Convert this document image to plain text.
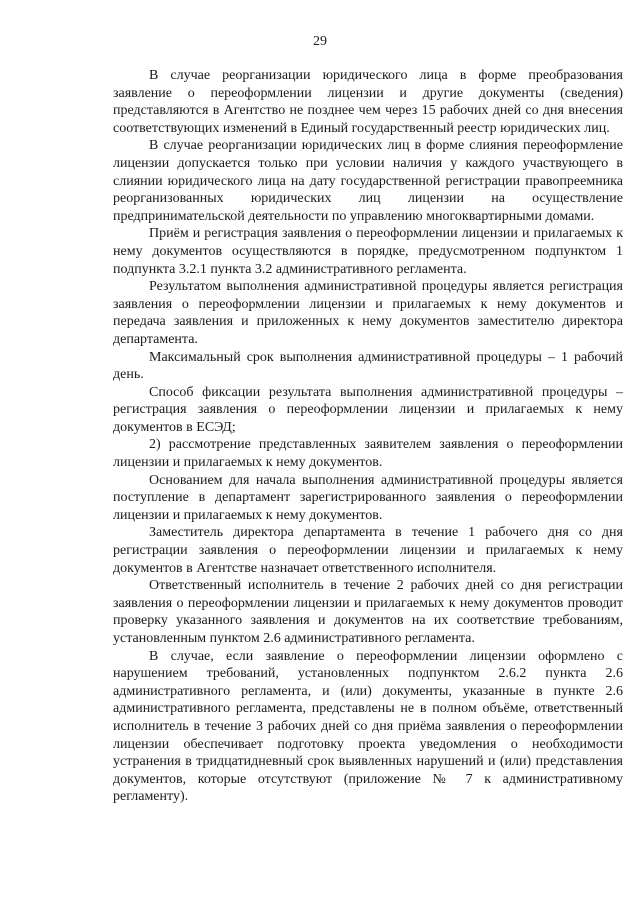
29

В случае реорганизации юридического лица в форме преобразования заявление о переоформлении лицензии и другие документы (сведения) представляются в Агентство не позднее чем через 15 рабочих дней со дня внесения соответствующих изменений в Единый государственный реестр юридических лиц.

В случае реорганизации юридических лиц в форме слияния переоформление лицензии допускается только при условии наличия у каждого участвующего в слиянии юридического лица на дату государственной регистрации правопреемника реорганизованных юридических лиц лицензии на осуществление предпринимательской деятельности по управлению многоквартирными домами.

Приём и регистрация заявления о переоформлении лицензии и прилагаемых к нему документов осуществляются в порядке, предусмотренном подпунктом 1 подпункта 3.2.1 пункта 3.2 административного регламента.

Результатом выполнения административной процедуры является регистрация заявления о переоформлении лицензии и прилагаемых к нему документов и передача заявления и приложенных к нему документов заместителю директора департамента.

Максимальный срок выполнения административной процедуры – 1 рабочий день.

Способ фиксации результата выполнения административной процедуры – регистрация заявления о переоформлении лицензии и прилагаемых к нему документов в ЕСЭД;

2) рассмотрение представленных заявителем заявления о переоформлении лицензии и прилагаемых к нему документов.

Основанием для начала выполнения административной процедуры является поступление в департамент зарегистрированного заявления о переоформлении лицензии и прилагаемых к нему документов.

Заместитель директора департамента в течение 1 рабочего дня со дня регистрации заявления о переоформлении лицензии и прилагаемых к нему документов в Агентстве назначает ответственного исполнителя.

Ответственный исполнитель в течение 2 рабочих дней со дня регистрации заявления о переоформлении лицензии и прилагаемых к нему документов проводит проверку указанного заявления и документов на их соответствие требованиям, установленным пунктом 2.6 административного регламента.

В случае, если заявление о переоформлении лицензии оформлено с нарушением требований, установленных подпунктом 2.6.2 пункта 2.6 административного регламента, и (или) документы, указанные в пункте 2.6 административного регламента, представлены не в полном объёме, ответственный исполнитель в течение 3 рабочих дней со дня приёма заявления о переоформлении лицензии обеспечивает подготовку проекта уведомления о необходимости устранения в тридцатидневный срок выявленных нарушений и (или) представления документов, которые отсутствуют (приложение № 7 к административному регламенту).
